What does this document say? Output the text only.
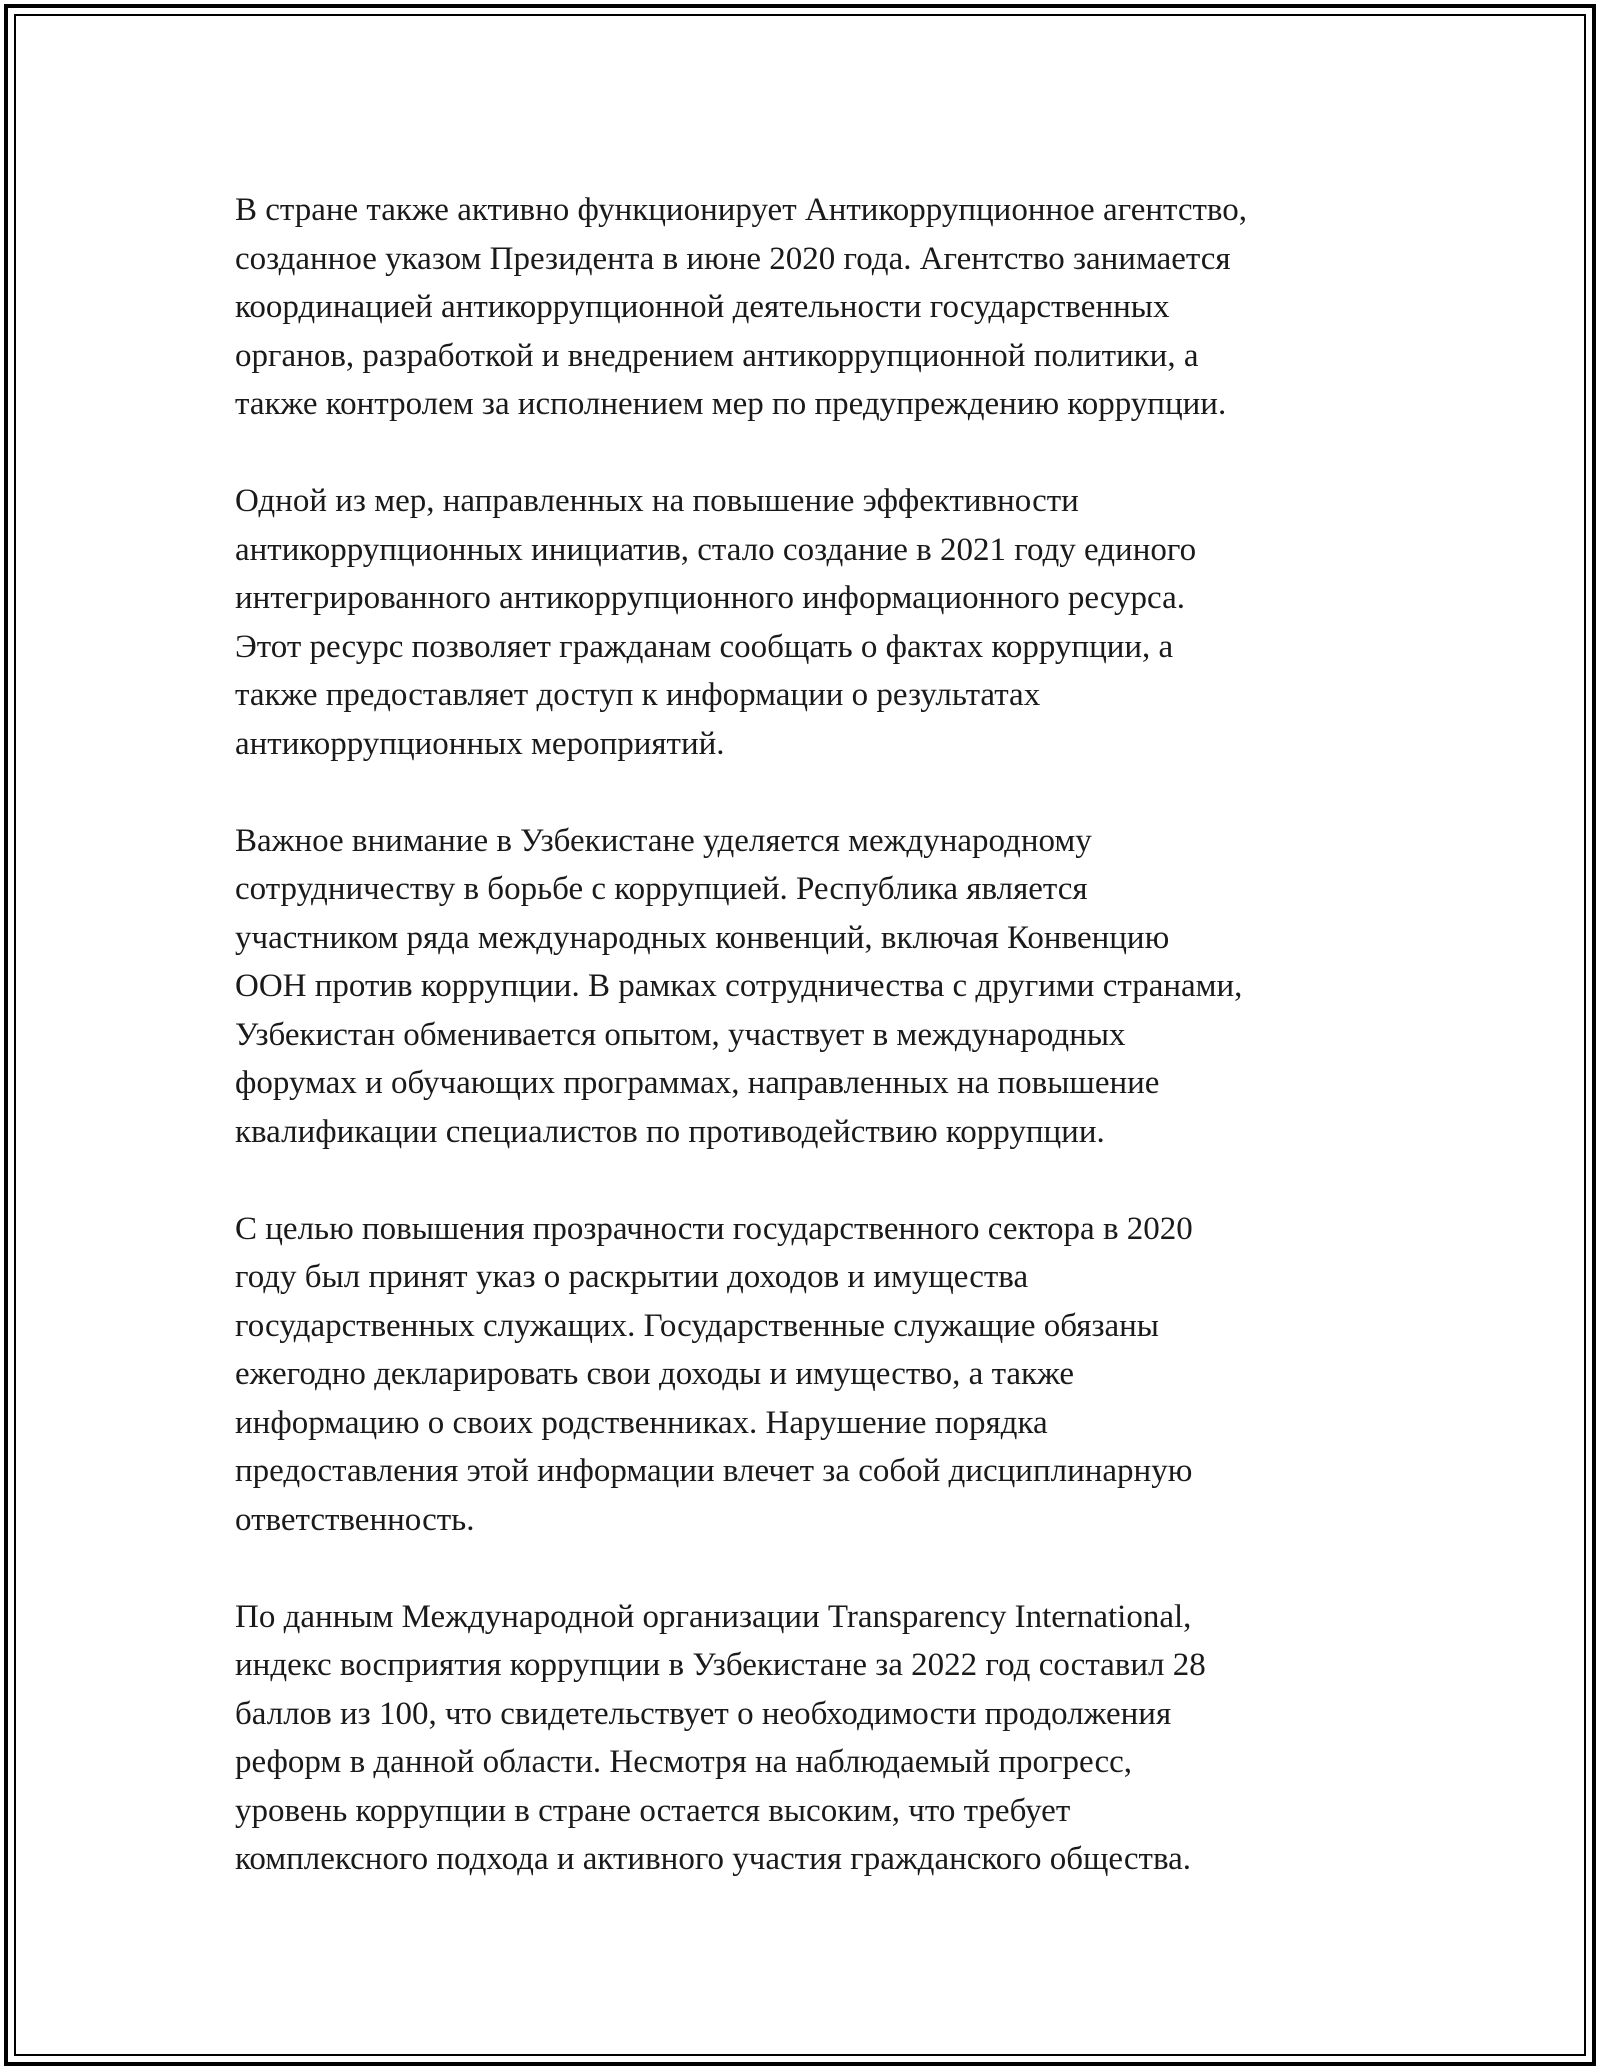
В стране также активно функционирует Антикоррупционное агентство,
созданное указом Президента в июне 2020 года. Агентство занимается
координацией антикоррупционной деятельности государственных
органов, разработкой и внедрением антикоррупционной политики, а
также контролем за исполнением мер по предупреждению коррупции.

Одной из мер, направленных на повышение эффективности
антикоррупционных инициатив, стало создание в 2021 году единого
интегрированного антикоррупционного информационного ресурса.
Этот ресурс позволяет гражданам сообщать о фактах коррупции, а
также предоставляет доступ к информации о результатах
антикоррупционных мероприятий.

Важное внимание в Узбекистане уделяется международному
сотрудничеству в борьбе с коррупцией. Республика является
участником ряда международных конвенций, включая Конвенцию
ООН против коррупции. В рамках сотрудничества с другими странами,
Узбекистан обменивается опытом, участвует в международных
форумах и обучающих программах, направленных на повышение
квалификации специалистов по противодействию коррупции.

С целью повышения прозрачности государственного сектора в 2020
году был принят указ о раскрытии доходов и имущества
государственных служащих. Государственные служащие обязаны
ежегодно декларировать свои доходы и имущество, а также
информацию о своих родственниках. Нарушение порядка
предоставления этой информации влечет за собой дисциплинарную
ответственность.

По данным Международной организации Transparency International,
индекс восприятия коррупции в Узбекистане за 2022 год составил 28
баллов из 100, что свидетельствует о необходимости продолжения
реформ в данной области. Несмотря на наблюдаемый прогресс,
уровень коррупции в стране остается высоким, что требует
комплексного подхода и активного участия гражданского общества.
